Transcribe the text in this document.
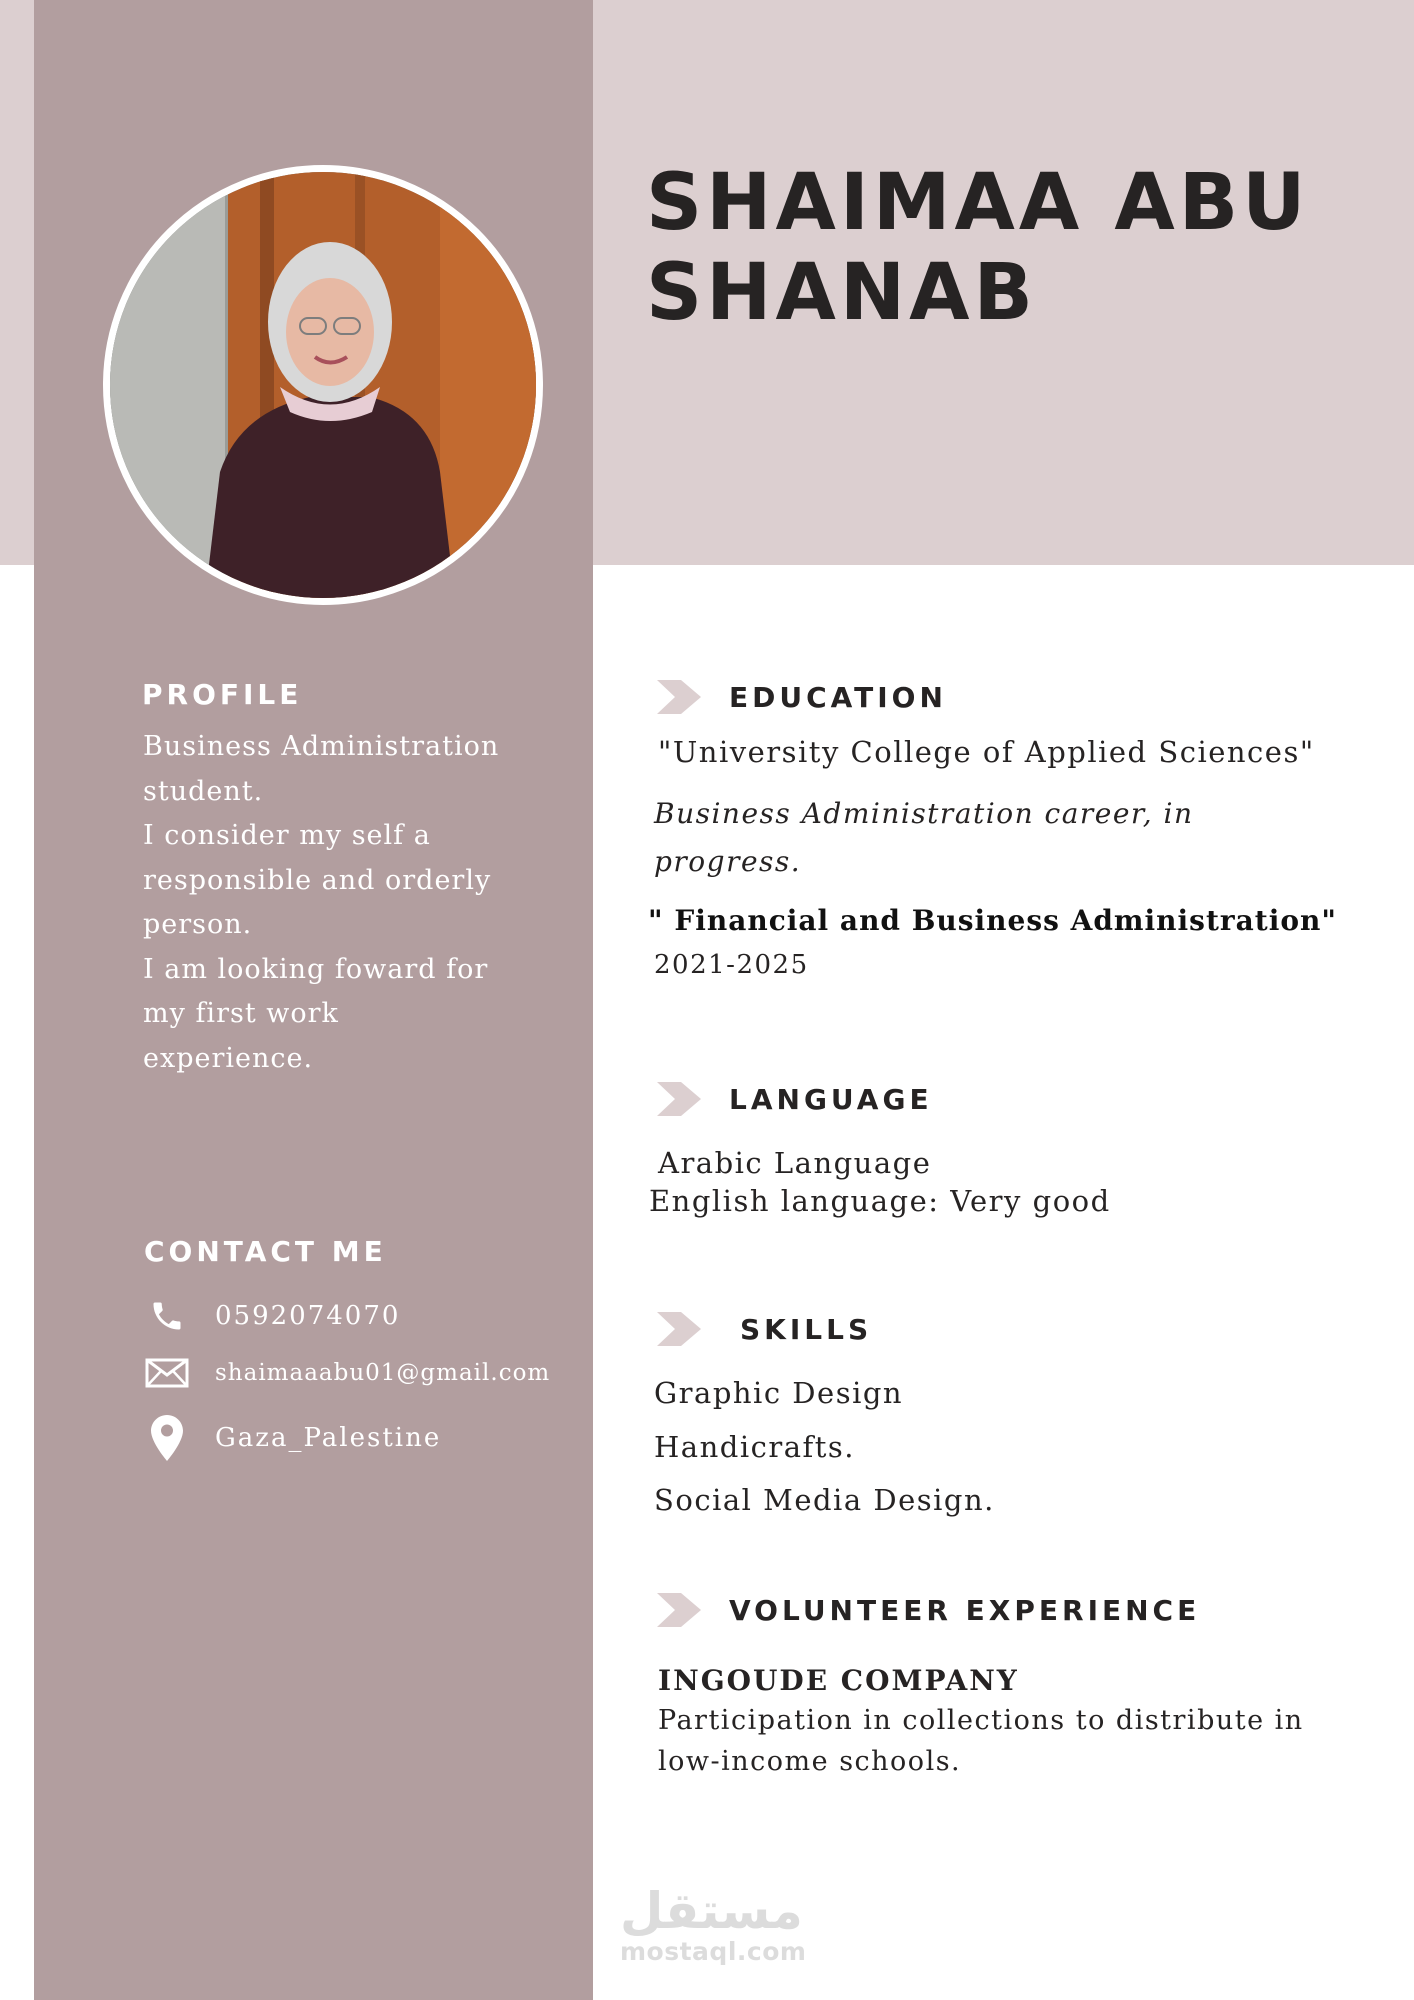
SHAIMAA ABU
SHANAB
PROFILE

Business Administration
student.
I consider my self a
responsible and orderly
person.
I am looking foward for
my first work
experience.

CONTACT ME
0592074070
shaimaaabu01@gmail.com
Gaza_Palestine
EDUCATION

"University College of Applied Sciences"

Business Administration career, in

progress.

" Financial and Business Administration"

2021-2025

LANGUAGE

Arabic Language

English language: Very good

SKILLS

Graphic Design

Handicrafts.

Social Media Design.

VOLUNTEER EXPERIENCE

INGOUDE COMPANY

Participation in collections to distribute in

low-income schools.

مستقل
mostaql.com
